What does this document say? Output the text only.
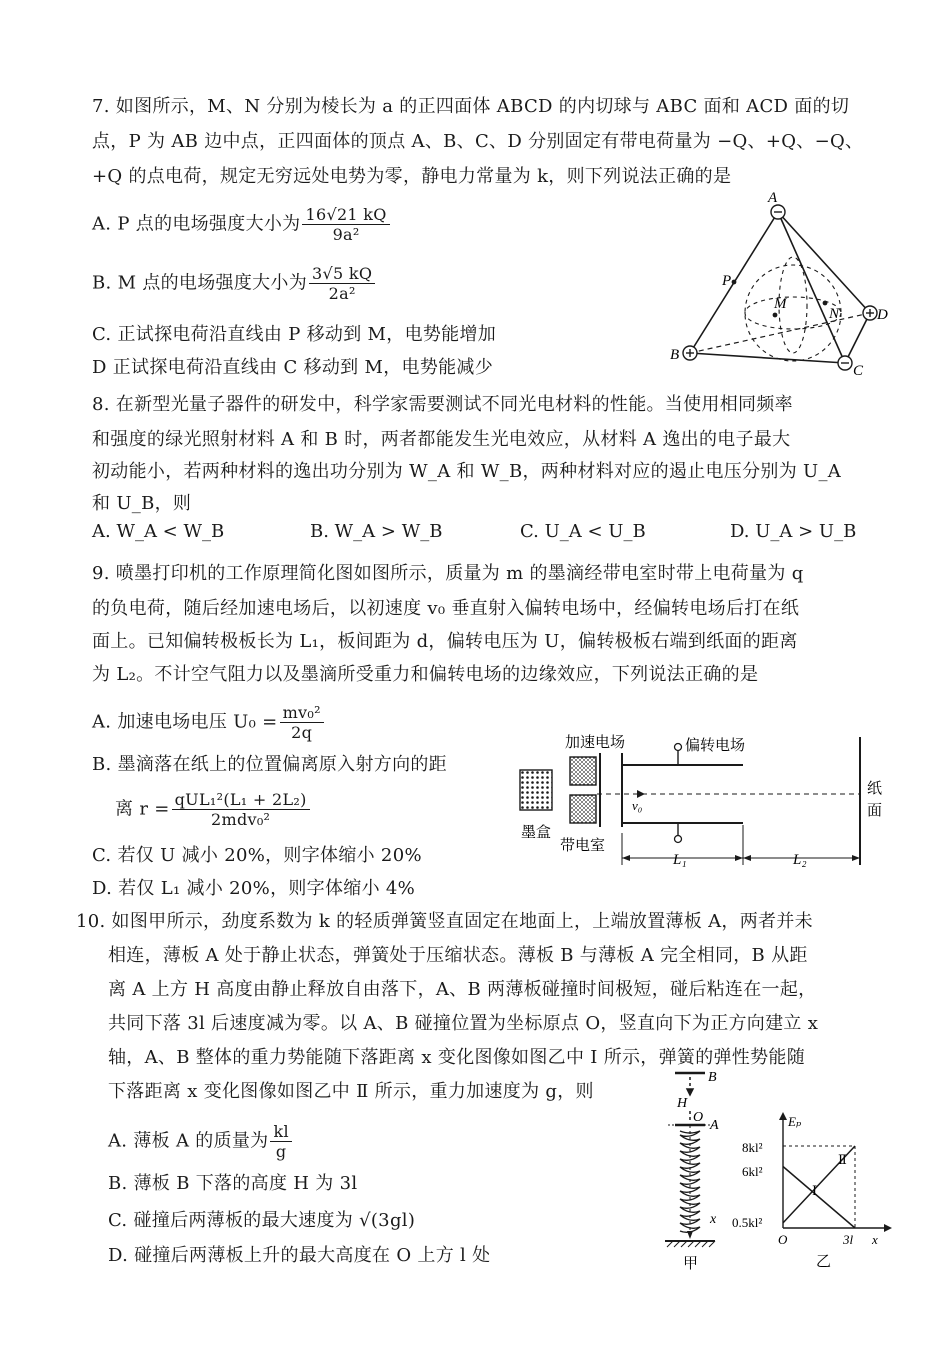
7. 如图所示，M、N 分别为棱长为 a 的正四面体 ABCD 的内切球与 ABC 面和 ACD 面的切
点，P 为 AB 边中点，正四面体的顶点 A、B、C、D 分别固定有带电荷量为 −Q、+Q、−Q、
+Q 的点电荷，规定无穷远处电势为零，静电力常量为 k，则下列说法正确的是
A. P 点的电场强度大小为 $\frac{16√21 kQ}{\text{9a²}}$
B. M 点的电场强度大小为 $\frac{3√5 kQ}{\text{2a²}}$
C. 正试探电荷沿直线由 P 移动到 M，电势能增加
D 正试探电荷沿直线由 C 移动到 M，电势能减少
A
B
C
D
P
M
N
8. 在新型光量子器件的研发中，科学家需要测试不同光电材料的性能。当使用相同频率
和强度的绿光照射材料 A 和 B 时，两者都能发生光电效应，从材料 A 逸出的电子最大
初动能小，若两种材料的逸出功分别为 W_A 和 W_B，两种材料对应的遏止电压分别为 U_A
和 U_B，则
A. W_A < W_B	B. W_A > W_B	C. U_A < U_B	D. U_A > U_B
9. 喷墨打印机的工作原理简化图如图所示，质量为 m 的墨滴经带电室时带上电荷量为 q
的负电荷，随后经加速电场后，以初速度 v₀ 垂直射入偏转电场中，经偏转电场后打在纸
面上。已知偏转极板长为 L₁，板间距为 d，偏转电压为 U，偏转极板右端到纸面的距离
为 L₂。不计空气阻力以及墨滴所受重力和偏转电场的边缘效应，下列说法正确的是
A. 加速电场电压 $U_0 = \frac{\text{mv₀²}}{2q}$
B. 墨滴落在纸上的位置偏离原入射方向的距
离 $r = \frac{\text{qUL₁²(L₁ + 2L₂)}}{\text{2mdv₀²}}$
C. 若仅 U 减小 20%，则字体缩小 20%
D. 若仅 L₁ 减小 20%，则字体缩小 4%
加速电场	偏转电场
纸
面
墨盒
带电室
v₀
L₁	L₂
10. 如图甲所示，劲度系数为 k 的轻质弹簧竖直固定在地面上，上端放置薄板 A，两者并未
相连，薄板 A 处于静止状态，弹簧处于压缩状态。薄板 B 与薄板 A 完全相同，B 从距
离 A 上方 H 高度由静止释放自由落下，A、B 两薄板碰撞时间极短，碰后粘连在一起，
共同下落 3l 后速度减为零。以 A、B 碰撞位置为坐标原点 O，竖直向下为正方向建立 x
轴，A、B 整体的重力势能随下落距离 x 变化图像如图乙中 Ⅰ 所示，弹簧的弹性势能随
下落距离 x 变化图像如图乙中 Ⅱ 所示，重力加速度为 g，则
A. 薄板 A 的质量为 $\frac{kl}{g}$
B. 薄板 B 下落的高度 H 为 3l
C. 碰撞后两薄板的最大速度为 √(3gl)
D. 碰撞后两薄板上升的最大高度在 O 上方 l 处
B
H
O
A
x
甲
Eₚ
8kl²
6kl²
0.5kl²
O	3l x
Ⅰ
Ⅱ
乙
